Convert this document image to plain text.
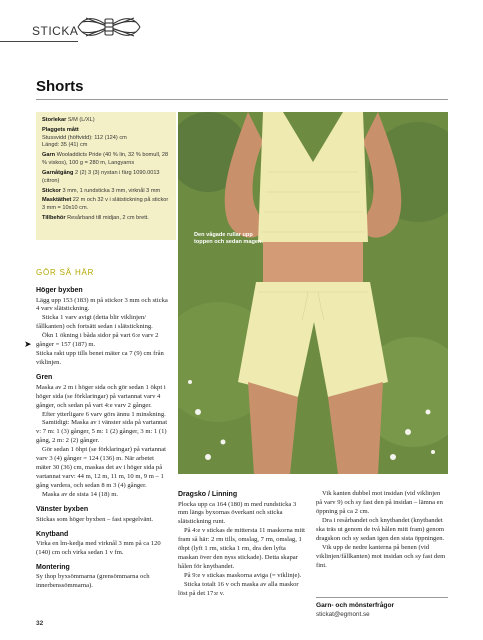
STICKA
Shorts
Storlekar S/M (L/XL)
Plaggets mått
Stussvidd (höftvidd): 112 (124) cm
Längd: 35 (41) cm
Garn Wooladdicts Pride (40 % lin, 32 % bomull, 28 % viskos), 100 g = 280 m, Langyarns
Garnåtgång 2 (2) 3 (3) nystan i färg 1090.0013 (citron)
Stickor 3 mm, 1 rundsticka 3 mm, virknål 3 mm
Masktäthet 22 m och 32 v i slätstickning på stickor 3 mm = 10x10 cm.
Tillbehör Resårband till midjan, 2 cm brett.
Den vågade rullar upp toppen och sedan magen.
GÖR SÅ HÄR
Höger byxben

Lägg upp 153 (183) m på stickor 3 mm och sticka 4 varv slätstickning.

Sticka 1 varv avigt (detta blir viklinjen/ fållkanten) och fortsätt sedan i slätstickning.

Ökn 1 ökning i båda sidor på vart 6:e varv 2 gånger = 157 (187) m.

Sticka rakt upp tills benet mäter ca 7 (9) cm från viklinjen.

Gren

Maska av 2 m i höger sida och gör sedan 1 ökpt i höger sida (se förklaringar) på vartannat varv 4 gånger, och sedan på vart 4:e varv 2 gånger.

Efter ytterligare 6 varv görs ännu 1 minskning.

Samtidigt: Maska av i vänster sida på vartannat v: 7 m: 1 (3) gånger, 5 m: 1 (2) gånger, 3 m: 1 (1) gång, 2 m: 2 (2) gånger.

Gör sedan 1 öhpt (se förklaringar) på vartannat varv 3 (4) gånger = 124 (136) m. När arbetet mäter 30 (36) cm, maskas det av i höger sida på vartannat varv: 44 m, 12 m, 11 m, 10 m, 9 m – 1 gång vardera, och sedan 8 m 3 (4) gånger.

Maska av de sista 14 (18) m.

Vänster byxben

Stickas som höger byxben – fast spegelvänt.

Knytband

Virka en lm-kedja med virknål 3 mm på ca 120 (140) cm och virka sedan 1 v fm.

Montering

Sy ihop byxsömmarna (grensömmarna och innerbenssömmarna).

➤
Dragsko / Linning

Plocka upp ca 164 (180) m med rundsticka 3 mm längs byxornas överkant och sticka slätstickning runt.

På 4:e v stickas de mittersta 11 maskorna mitt fram så här: 2 rm tills, omslag, 7 rm, omslag, 1 öhpt (lyft 1 rm, sticka 1 rm, dra den lyfta maskan över den nyss stickade). Detta skapar hålen för knytbandet.

På 9:e v stickas maskorna aviga (= viklinje).

Sticka totalt 16 v och maska av alla maskor löst på det 17:e v.

Vik kanten dubbel mot insidan (vid viklinjen på varv 9) och sy fast den på insidan – lämna en öppning på ca 2 cm.

Dra i resårbandet och knytbandet (knytbandet ska träs ut genom de två hålen mitt fram) genom dragskon och sy sedan igen den sista öppningen.

Vik upp de nedre kanterna på benen (vid viklinjen/fållkanten) mot insidan och sy fast dem fint.

Garn- och mönsterfrågor
stickat@egmont.se
32
